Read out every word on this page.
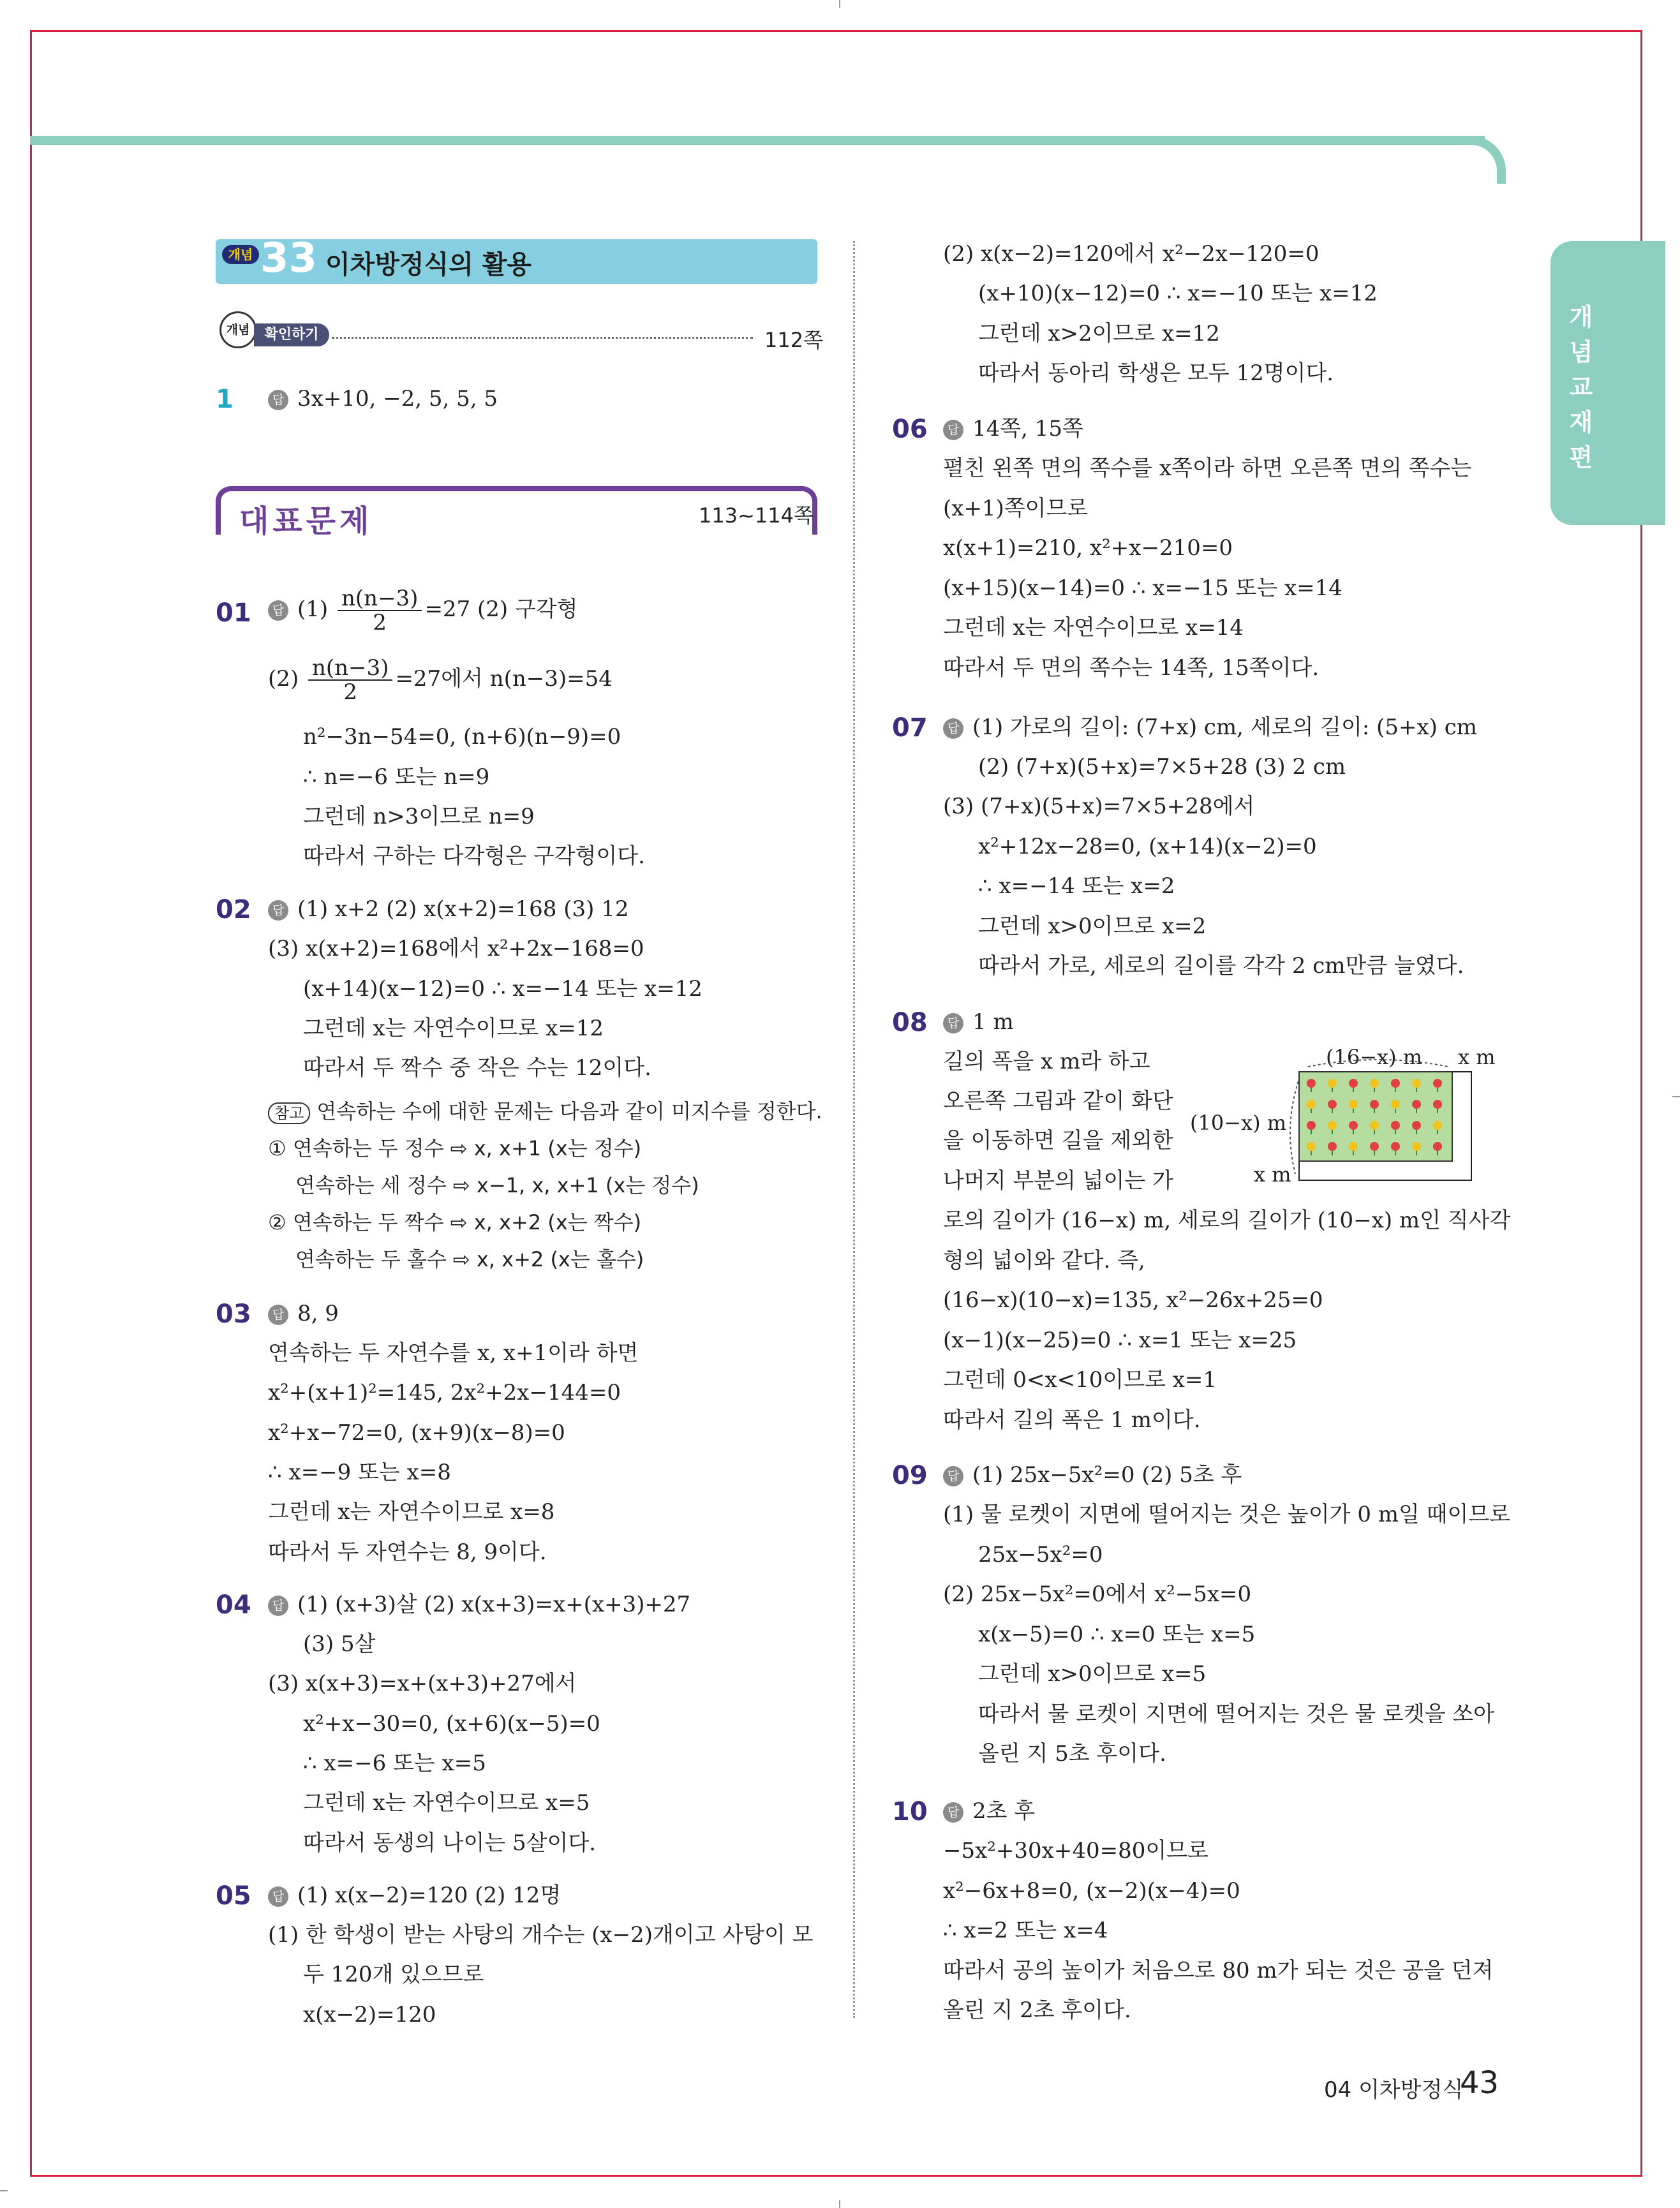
개념교재편
개념 33 이차방정식의 활용
개념	확인하기	112쪽
1	답 3x+10, −2, 5, 5, 5
대표문제	113~114쪽
01	답 $(1) \frac{n(n-3)}{2} =27$ (2) 구각형
$(2) \frac{n(n-3)}{2} =27$에서 n(n−3)=54
n²−3n−54=0, (n+6)(n−9)=0
∴ n=−6 또는 n=9
그런데 n>3이므로 n=9
따라서 구하는 다각형은 구각형이다.
02	답 (1) x+2 (2) x(x+2)=168 (3) 12
(3) x(x+2)=168에서 x²+2x−168=0
(x+14)(x−12)=0 ∴ x=−14 또는 x=12
그런데 x는 자연수이므로 x=12
따라서 두 짝수 중 작은 수는 12이다.
참고 연속하는 수에 대한 문제는 다음과 같이 미지수를 정한다.
① 연속하는 두 정수 ⇨ x, x+1 (x는 정수)
연속하는 세 정수 ⇨ x−1, x, x+1 (x는 정수)
② 연속하는 두 짝수 ⇨ x, x+2 (x는 짝수)
연속하는 두 홀수 ⇨ x, x+2 (x는 홀수)
03	답 8, 9
연속하는 두 자연수를 x, x+1이라 하면
x²+(x+1)²=145, 2x²+2x−144=0
x²+x−72=0, (x+9)(x−8)=0
∴ x=−9 또는 x=8
그런데 x는 자연수이므로 x=8
따라서 두 자연수는 8, 9이다.
04	답 (1) (x+3)살 (2) x(x+3)=x+(x+3)+27
(3) 5살
(3) x(x+3)=x+(x+3)+27에서
x²+x−30=0, (x+6)(x−5)=0
∴ x=−6 또는 x=5
그런데 x는 자연수이므로 x=5
따라서 동생의 나이는 5살이다.
05	답 (1) x(x−2)=120 (2) 12명
(1) 한 학생이 받는 사탕의 개수는 (x−2)개이고 사탕이 모
두 120개 있으므로
x(x−2)=120
(2) x(x−2)=120에서 x²−2x−120=0
(x+10)(x−12)=0 ∴ x=−10 또는 x=12
그런데 x>2이므로 x=12
따라서 동아리 학생은 모두 12명이다.
06	답 14쪽, 15쪽
펼친 왼쪽 면의 쪽수를 x쪽이라 하면 오른쪽 면의 쪽수는
(x+1)쪽이므로
x(x+1)=210, x²+x−210=0
(x+15)(x−14)=0 ∴ x=−15 또는 x=14
그런데 x는 자연수이므로 x=14
따라서 두 면의 쪽수는 14쪽, 15쪽이다.
07	답 (1) 가로의 길이: (7+x) cm, 세로의 길이: (5+x) cm
(2) (7+x)(5+x)=7×5+28 (3) 2 cm
(3) (7+x)(5+x)=7×5+28에서
x²+12x−28=0, (x+14)(x−2)=0
∴ x=−14 또는 x=2
그런데 x>0이므로 x=2
따라서 가로, 세로의 길이를 각각 2 cm만큼 늘였다.
08	답 1 m
길의 폭을 x m라 하고
오른쪽 그림과 같이 화단
을 이동하면 길을 제외한
나머지 부분의 넓이는 가
로의 길이가 (16−x) m, 세로의 길이가 (10−x) m인 직사각
형의 넓이와 같다. 즉,
(16−x)(10−x)=135, x²−26x+25=0
(x−1)(x−25)=0 ∴ x=1 또는 x=25
그런데 0<x<10이므로 x=1
따라서 길의 폭은 1 m이다.
(16−x) m x m
(10−x) m
x m
09	답 (1) 25x−5x²=0 (2) 5초 후
(1) 물 로켓이 지면에 떨어지는 것은 높이가 0 m일 때이므로
25x−5x²=0
(2) 25x−5x²=0에서 x²−5x=0
x(x−5)=0 ∴ x=0 또는 x=5
그런데 x>0이므로 x=5
따라서 물 로켓이 지면에 떨어지는 것은 물 로켓을 쏘아
올린 지 5초 후이다.
10	답 2초 후
−5x²+30x+40=80이므로
x²−6x+8=0, (x−2)(x−4)=0
∴ x=2 또는 x=4
따라서 공의 높이가 처음으로 80 m가 되는 것은 공을 던져
올린 지 2초 후이다.
04 이차방정식
43
